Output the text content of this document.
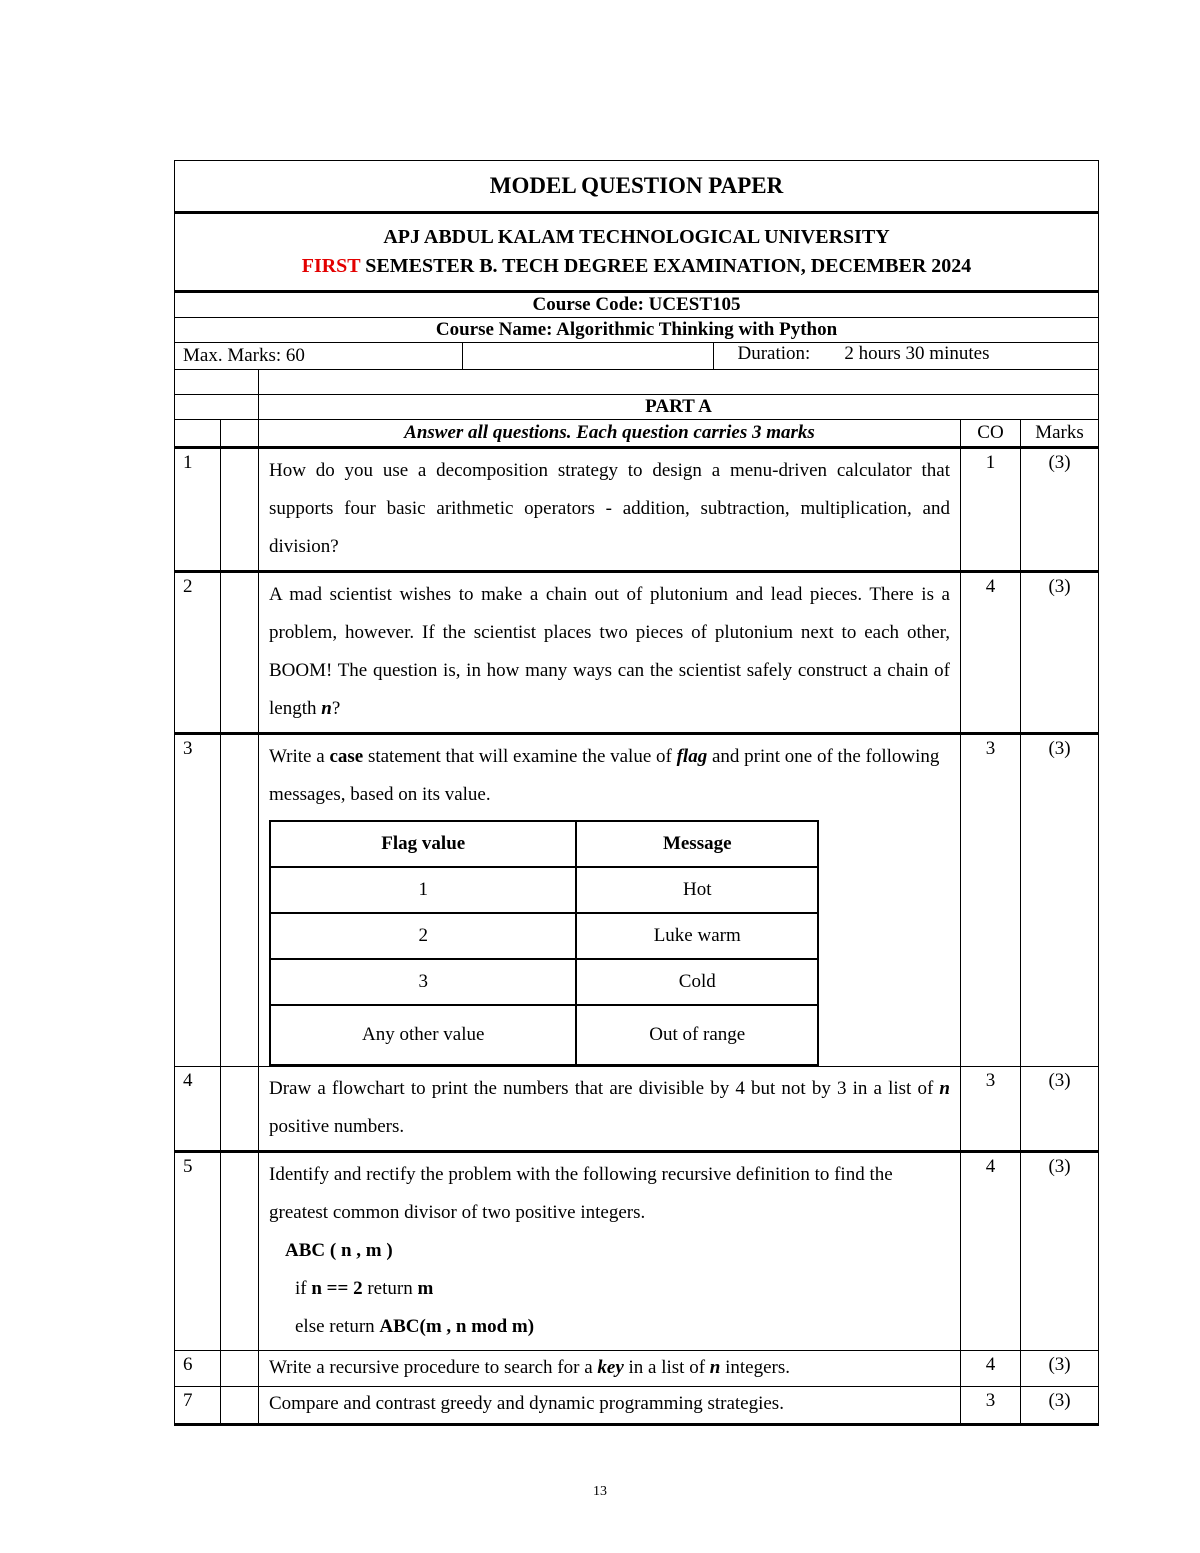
MODEL QUESTION PAPER

APJ ABDUL KALAM TECHNOLOGICAL UNIVERSITY
FIRST SEMESTER B. TECH DEGREE EXAMINATION, DECEMBER 2024

Course Code: UCEST105
Course Name: Algorithmic Thinking with Python

Max. Marks: 60		Duration: 2 hours 30 minutes

	PART A
		Answer all questions. Each question carries 3 marks	CO	Marks
1		How do you use a decomposition strategy to design a menu-driven calculator that supports four basic arithmetic operators - addition, subtraction, multiplication, and division?	1	(3)
2		A mad scientist wishes to make a chain out of plutonium and lead pieces. There is a problem, however. If the scientist places two pieces of plutonium next to each other, BOOM! The question is, in how many ways can the scientist safely construct a chain of length n?	4	(3)
3		Write a case statement that will examine the value of flag and print one of the following messages, based on its value.
Flag value	Message
1	Hot
2	Luke warm
3	Cold
Any other value	Out of range
	3	(3)
4		Draw a flowchart to print the numbers that are divisible by 4 but not by 3 in a list of n positive numbers.	3	(3)
5		Identify and rectify the problem with the following recursive definition to find the greatest common divisor of two positive integers.
ABC ( n , m )
if n == 2 return m
else return ABC(m , n mod m)
	4	(3)
6		Write a recursive procedure to search for a key in a list of n integers.	4	(3)
7		Compare and contrast greedy and dynamic programming strategies.	3	(3)
13
